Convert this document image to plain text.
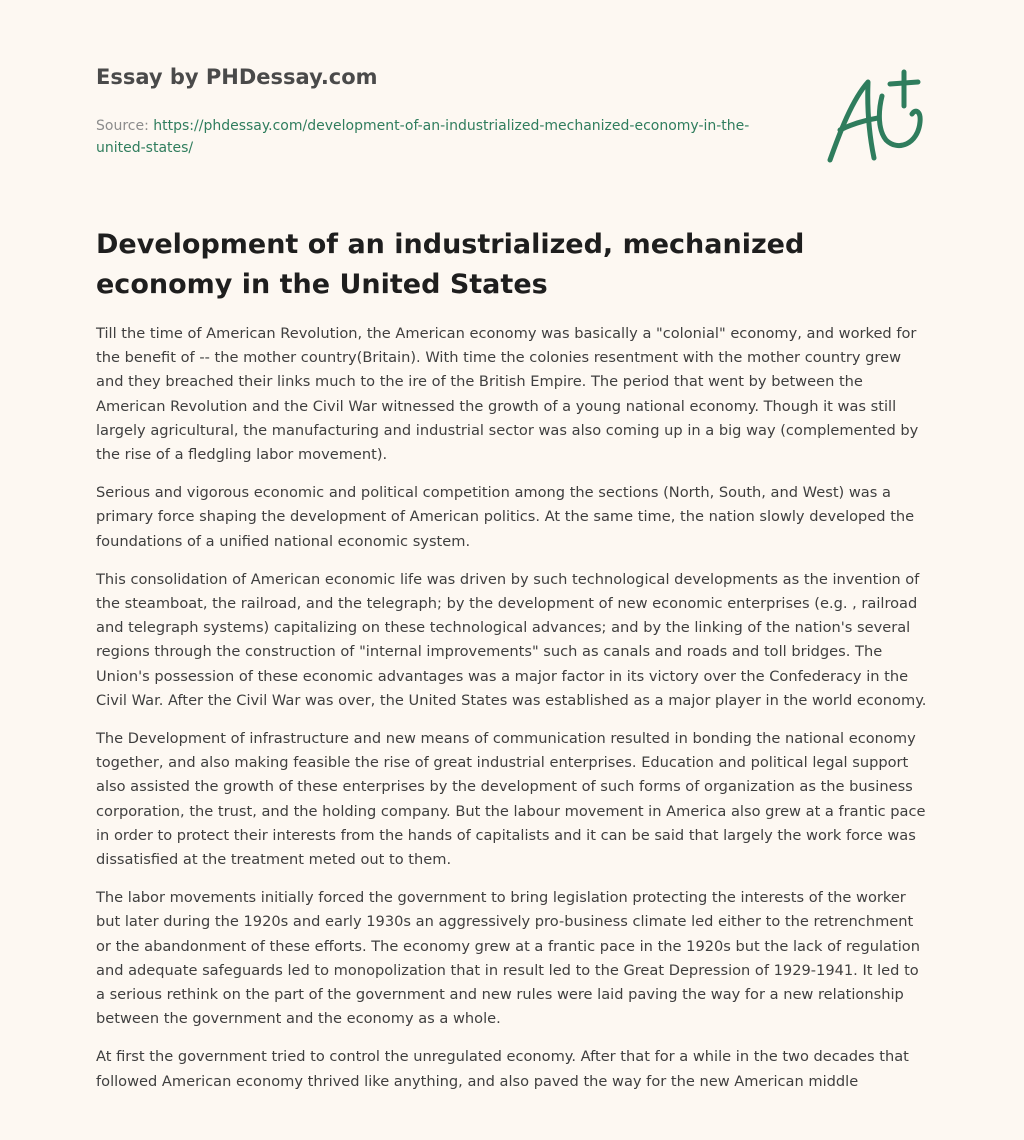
Essay by PHDessay.com
Source: https://phdessay.com/development-of-an-industrialized-mechanized-economy-in-the-united-states/
Development of an industrialized, mechanized economy in the United States

Till the time of American Revolution, the American economy was basically a "colonial" economy, and worked for the benefit of -- the mother country(Britain). With time the colonies resentment with the mother country grew and they breached their links much to the ire of the British Empire. The period that went by between the American Revolution and the Civil War witnessed the growth of a young national economy. Though it was still largely agricultural, the manufacturing and industrial sector was also coming up in a big way (complemented by the rise of a fledgling labor movement).

Serious and vigorous economic and political competition among the sections (North, South, and West) was a primary force shaping the development of American politics. At the same time, the nation slowly developed the foundations of a unified national economic system.

This consolidation of American economic life was driven by such technological developments as the invention of the steamboat, the railroad, and the telegraph; by the development of new economic enterprises (e.g. , railroad and telegraph systems) capitalizing on these technological advances; and by the linking of the nation's several regions through the construction of "internal improvements" such as canals and roads and toll bridges. The Union's possession of these economic advantages was a major factor in its victory over the Confederacy in the Civil War. After the Civil War was over, the United States was established as a major player in the world economy.

The Development of infrastructure and new means of communication resulted in bonding the national economy together, and also making feasible the rise of great industrial enterprises. Education and political legal support also assisted the growth of these enterprises by the development of such forms of organization as the business corporation, the trust, and the holding company. But the labour movement in America also grew at a frantic pace in order to protect their interests from the hands of capitalists and it can be said that largely the work force was dissatisfied at the treatment meted out to them.

The labor movements initially forced the government to bring legislation protecting the interests of the worker but later during the 1920s and early 1930s an aggressively pro-business climate led either to the retrenchment or the abandonment of these efforts. The economy grew at a frantic pace in the 1920s but the lack of regulation and adequate safeguards led to monopolization that in result led to the Great Depression of 1929-1941. It led to a serious rethink on the part of the government and new rules were laid paving the way for a new relationship between the government and the economy as a whole.

At first the government tried to control the unregulated economy. After that for a while in the two decades that followed American economy thrived like anything, and also paved the way for the new American middle
